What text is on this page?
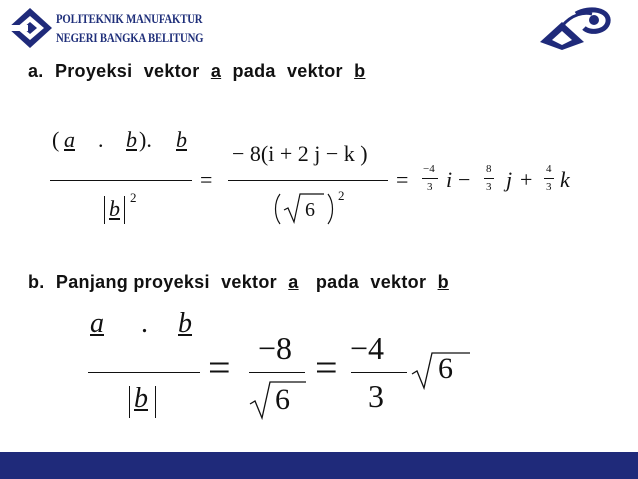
POLITEKNIK MANUFAKTUR
NEGERI BANGKA BELITUNG
a. Proyeksi vektor a pada vektor b
( a . b ). b
b 2
=
− 8(i + 2 j − k )
6
2
= −4
3 i − 8
3 j + 4
3 k
b. Panjang proyeksi vektor a pada vektor b
a . b
b
= −8
6
= −4
3
6
